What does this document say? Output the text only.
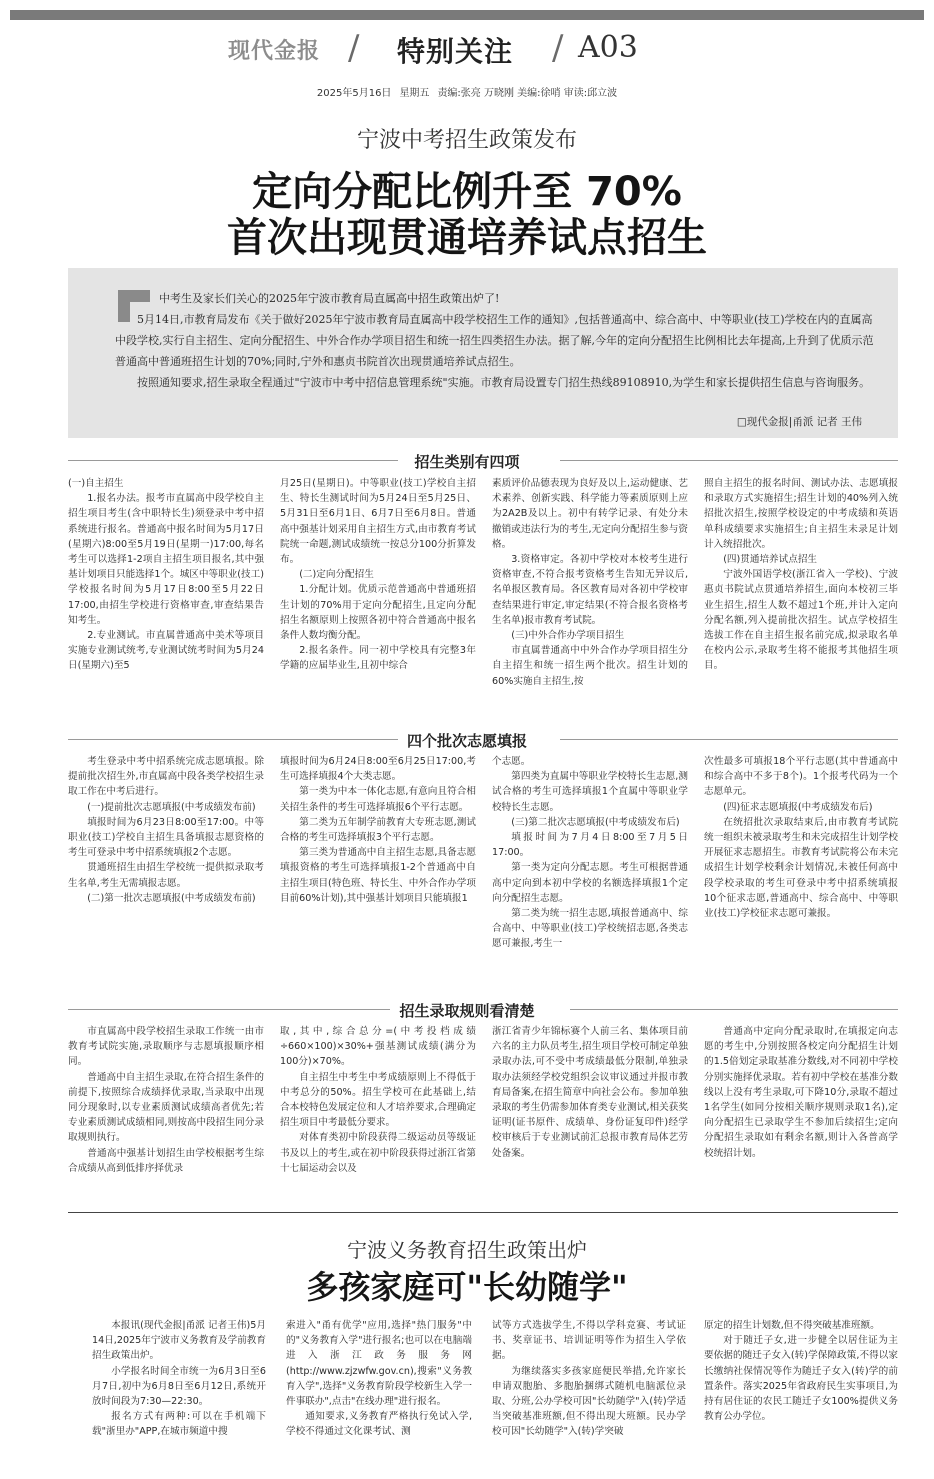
现代金报 / 特别关注 / A03
2025年5月16日 星期五 责编:张亮 万晓刚 美编:徐哨 审读:邱立波
宁波中考招生政策发布
定向分配比例升至 70%
首次出现贯通培养试点招生

中考生及家长们关心的2025年宁波市教育局直属高中招生政策出炉了!

5月14日,市教育局发布《关于做好2025年宁波市教育局直属高中段学校招生工作的通知》,包括普通高中、综合高中、中等职业(技工)学校在内的直属高中段学校,实行自主招生、定向分配招生、中外合作办学项目招生和统一招生四类招生办法。据了解,今年的定向分配招生比例相比去年提高,上升到了优质示范普通高中普通班招生计划的70%;同时,宁外和惠贞书院首次出现贯通培养试点招生。

按照通知要求,招生录取全程通过"宁波市中考中招信息管理系统"实施。市教育局设置专门招生热线89108910,为学生和家长提供招生信息与咨询服务。

□现代金报|甬派 记者 王伟
招生类别有四项

(一)自主招生

1.报名办法。报考市直属高中段学校自主招生项目考生(含中职特长生)须登录中考中招系统进行报名。普通高中报名时间为5月17日(星期六)8:00至5月19日(星期一)17:00,每名考生可以选择1-2项自主招生项目报名,其中强基计划项目只能选择1个。城区中等职业(技工)学校报名时间为5月17日8:00至5月22日17:00,由招生学校进行资格审查,审查结果告知考生。

2.专业测试。市直属普通高中美术等项目实施专业测试统考,专业测试统考时间为5月24日(星期六)至5

月25日(星期日)。中等职业(技工)学校自主招生、特长生测试时间为5月24日至5月25日、5月31日至6月1日、6月7日至6月8日。普通高中强基计划采用自主招生方式,由市教育考试院统一命题,测试成绩统一按总分100分折算发布。

(二)定向分配招生

1.分配计划。优质示范普通高中普通班招生计划的70%用于定向分配招生,且定向分配招生名额原则上按照各初中符合普通高中报名条件人数均衡分配。

2.报名条件。同一初中学校具有完整3年学籍的应届毕业生,且初中综合

素质评价品德表现为良好及以上,运动健康、艺术素养、创新实践、科学能力等素质原则上应为2A2B及以上。初中有转学记录、有处分未撤销或违法行为的考生,无定向分配招生参与资格。

3.资格审定。各初中学校对本校考生进行资格审查,不符合报考资格考生告知无异议后,名单报区教育局。各区教育局对各初中学校审查结果进行审定,审定结果(不符合报名资格考生名单)报市教育考试院。

(三)中外合作办学项目招生

市直属普通高中中外合作办学项目招生分自主招生和统一招生两个批次。招生计划的60%实施自主招生,按

照自主招生的报名时间、测试办法、志愿填报和录取方式实施招生;招生计划的40%列入统招批次招生,按照学校设定的中考成绩和英语单科成绩要求实施招生;自主招生未录足计划计入统招批次。

(四)贯通培养试点招生

宁波外国语学校(浙江省入一学校)、宁波惠贞书院试点贯通培养招生,面向本校初三毕业生招生,招生人数不超过1个班,并计入定向分配名额,列入提前批次招生。试点学校招生选拔工作在自主招生报名前完成,拟录取名单在校内公示,录取考生将不能报考其他招生项目。

四个批次志愿填报

考生登录中考中招系统完成志愿填报。除提前批次招生外,市直属高中段各类学校招生录取工作在中考后进行。

(一)提前批次志愿填报(中考成绩发布前)

填报时间为6月23日8:00至17:00。中等职业(技工)学校自主招生具备填报志愿资格的考生可登录中考中招系统填报2个志愿。

贯通班招生由招生学校统一提供拟录取考生名单,考生无需填报志愿。

(二)第一批次志愿填报(中考成绩发布前)

填报时间为6月24日8:00至6月25日17:00,考生可选择填报4个大类志愿。

第一类为中本一体化志愿,有意向且符合相关招生条件的考生可选择填报6个平行志愿。

第二类为五年制学前教育大专班志愿,测试合格的考生可选择填报3个平行志愿。

第三类为普通高中自主招生志愿,具备志愿填报资格的考生可选择填报1-2个普通高中自主招生项目(特色班、特长生、中外合作办学项目前60%计划),其中强基计划项目只能填报1

个志愿。

第四类为直属中等职业学校特长生志愿,测试合格的考生可选择填报1个直属中等职业学校特长生志愿。

(三)第二批次志愿填报(中考成绩发布后)

填报时间为7月4日8:00至7月5日17:00。

第一类为定向分配志愿。考生可根据普通高中定向到本初中学校的名额选择填报1个定向分配招生志愿。

第二类为统一招生志愿,填报普通高中、综合高中、中等职业(技工)学校统招志愿,各类志愿可兼报,考生一

次性最多可填报18个平行志愿(其中普通高中和综合高中不多于8个)。1个报考代码为一个志愿单元。

(四)征求志愿填报(中考成绩发布后)

在统招批次录取结束后,由市教育考试院统一组织未被录取考生和未完成招生计划学校开展征求志愿招生。市教育考试院将公布未完成招生计划学校剩余计划情况,未被任何高中段学校录取的考生可登录中考中招系统填报10个征求志愿,普通高中、综合高中、中等职业(技工)学校征求志愿可兼报。

招生录取规则看清楚

市直属高中段学校招生录取工作统一由市教育考试院实施,录取顺序与志愿填报顺序相同。

普通高中自主招生录取,在符合招生条件的前提下,按照综合成绩择优录取,当录取中出现同分现象时,以专业素质测试成绩高者优先;若专业素质测试成绩相同,则按高中段招生同分录取规则执行。

普通高中强基计划招生由学校根据考生综合成绩从高到低排序择优录

取,其中,综合总分=(中考投档成绩÷660×100)×30%+强基测试成绩(满分为100分)×70%。

自主招生中考生中考成绩原则上不得低于中考总分的50%。招生学校可在此基础上,结合本校特色发展定位和人才培养要求,合理确定招生项目中考最低分要求。

对体育类初中阶段获得二级运动员等级证书及以上的考生,或在初中阶段获得过浙江省第十七届运动会以及

浙江省青少年锦标赛个人前三名、集体项目前六名的主力队员考生,招生项目学校可制定单独录取办法,可不受中考成绩最低分限制,单独录取办法须经学校党组织会议审议通过并报市教育局备案,在招生简章中向社会公布。参加单独录取的考生仍需参加体育类专业测试,相关获奖证明(证书原件、成绩单、身份证复印件)经学校审核后于专业测试前汇总报市教育局体艺劳处备案。

普通高中定向分配录取时,在填报定向志愿的考生中,分别按照各校定向分配招生计划的1.5倍划定录取基准分数线,对不同初中学校分别实施择优录取。若有初中学校在基准分数线以上没有考生录取,可下降10分,录取不超过1名学生(如同分按相关顺序规则录取1名),定向分配招生已录取学生不参加后续招生;定向分配招生录取如有剩余名额,则计入各普高学校统招计划。

宁波义务教育招生政策出炉
多孩家庭可"长幼随学"

本报讯(现代金报|甬派 记者王伟)5月14日,2025年宁波市义务教育及学前教育招生政策出炉。

小学报名时间全市统一为6月3日至6月7日,初中为6月8日至6月12日,系统开放时间段为7:30—22:30。

报名方式有两种:可以在手机端下载"浙里办"APP,在城市频道中搜

索进入"甬有优学"应用,选择"热门服务"中的"义务教育入学"进行报名;也可以在电脑端进入浙江政务服务网(http://www.zjzwfw.gov.cn),搜索"义务教育入学",选择"义务教育阶段学校新生入学一件事联办",点击"在线办理"进行报名。

通知要求,义务教育严格执行免试入学,学校不得通过文化课考试、测

试等方式选拔学生,不得以学科竞赛、考试证书、奖章证书、培训证明等作为招生入学依据。

为继续落实多孩家庭便民举措,允许家长申请双胞胎、多胞胎捆绑式随机电脑派位录取、分班,公办学校可因"长幼随学"入(转)学适当突破基准班额,但不得出现大班额。民办学校可因"长幼随学"入(转)学突破

原定的招生计划数,但不得突破基准班额。

对于随迁子女,进一步健全以居住证为主要依据的随迁子女入(转)学保障政策,不得以家长缴纳社保情况等作为随迁子女入(转)学的前置条件。落实2025年省政府民生实事项目,为持有居住证的农民工随迁子女100%提供义务教育公办学位。
